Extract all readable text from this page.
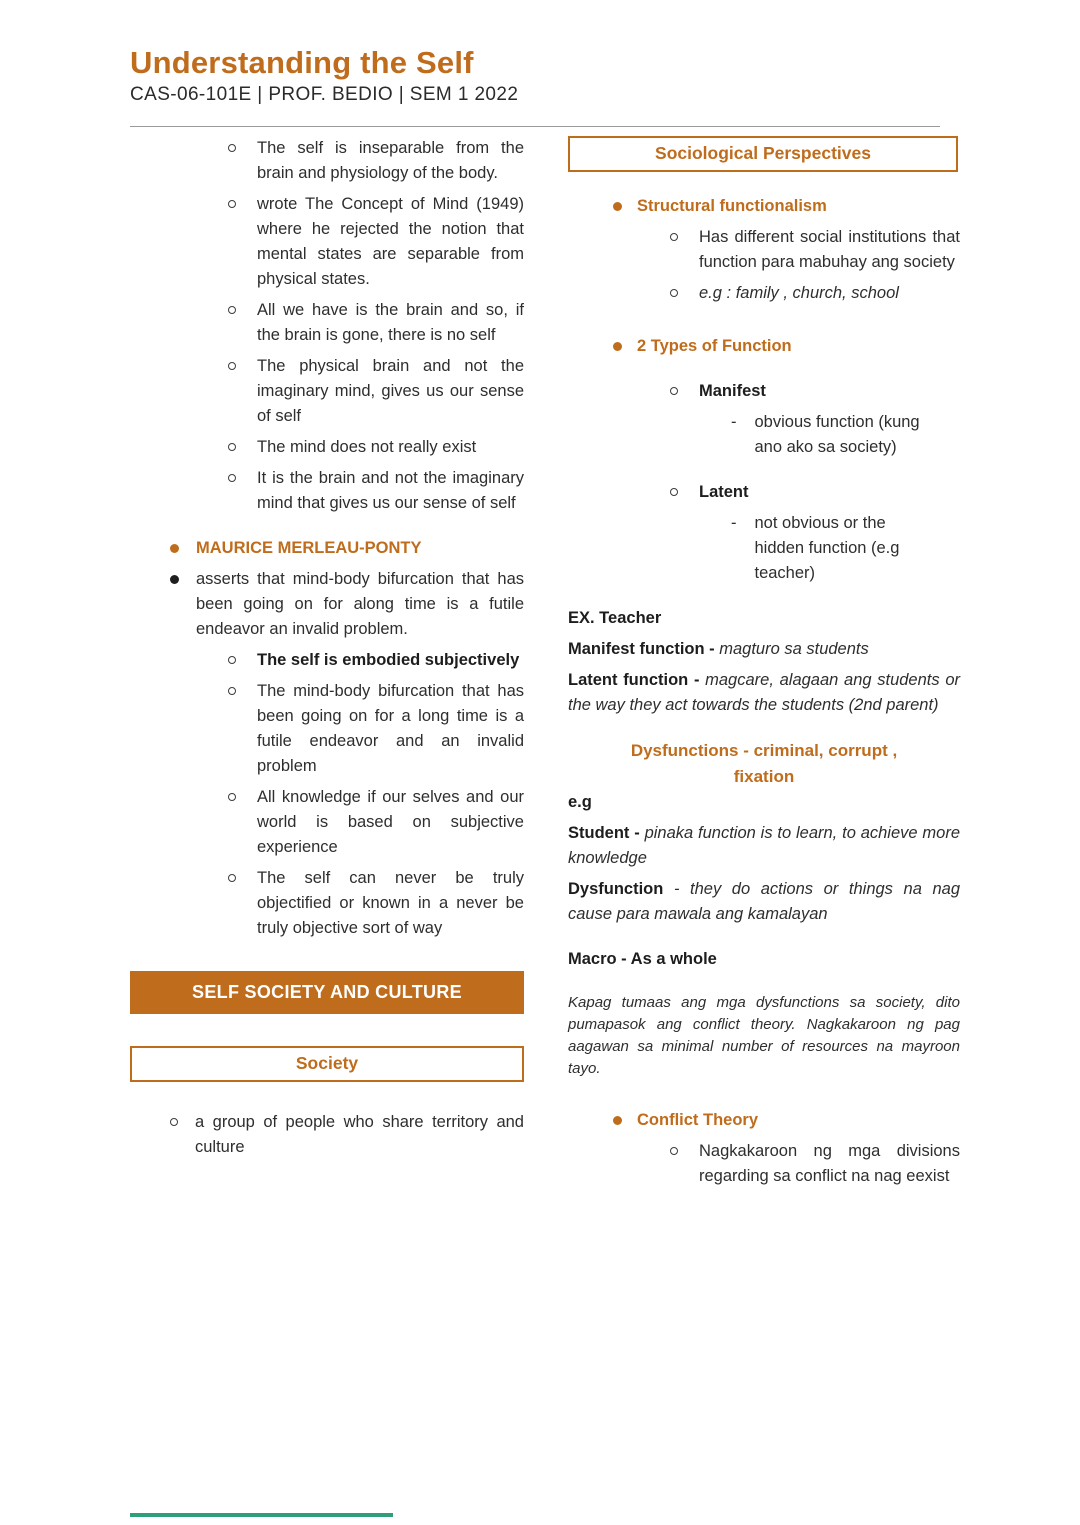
Understanding the Self
CAS-06-101E | PROF. BEDIO | SEM 1 2022
The self is inseparable from the brain and physiology of the body.
wrote The Concept of Mind (1949) where he rejected the notion that mental states are separable from physical states.
All we have is the brain and so, if the brain is gone, there is no self
The physical brain and not the imaginary mind, gives us our sense of self
The mind does not really exist
It is the brain and not the imaginary mind that gives us our sense of self
MAURICE MERLEAU-PONTY
asserts that mind-body bifurcation that has been going on for along time is a futile endeavor an invalid problem.
The self is embodied subjectively
The mind-body bifurcation that has been going on for a long time is a futile endeavor and an invalid problem
All knowledge if our selves and our world is based on subjective experience
The self can never be truly objectified or known in a never be truly objective sort of way
SELF SOCIETY AND CULTURE
Society
a group of people who share territory and culture
Sociological Perspectives
Structural functionalism
Has different social institutions that function para mabuhay ang society
e.g : family , church, school
2 Types of Function
Manifest
-
obvious function (kung ano ako sa society)
Latent
-
not obvious or the hidden function (e.g teacher)

EX. Teacher

Manifest function - magturo sa students

Latent function - magcare, alagaan ang students or the way they act towards the students (2nd parent)

Dysfunctions - criminal, corrupt ,
fixation

e.g

Student - pinaka function is to learn, to achieve more knowledge

Dysfunction - they do actions or things na nag cause para mawala ang kamalayan

Macro - As a whole

Kapag tumaas ang mga dysfunctions sa society, dito pumapasok ang conflict theory. Nagkakaroon ng pag aagawan sa minimal number of resources na mayroon tayo.

Conflict Theory
Nagkakaroon ng mga divisions regarding sa conflict na nag eexist
